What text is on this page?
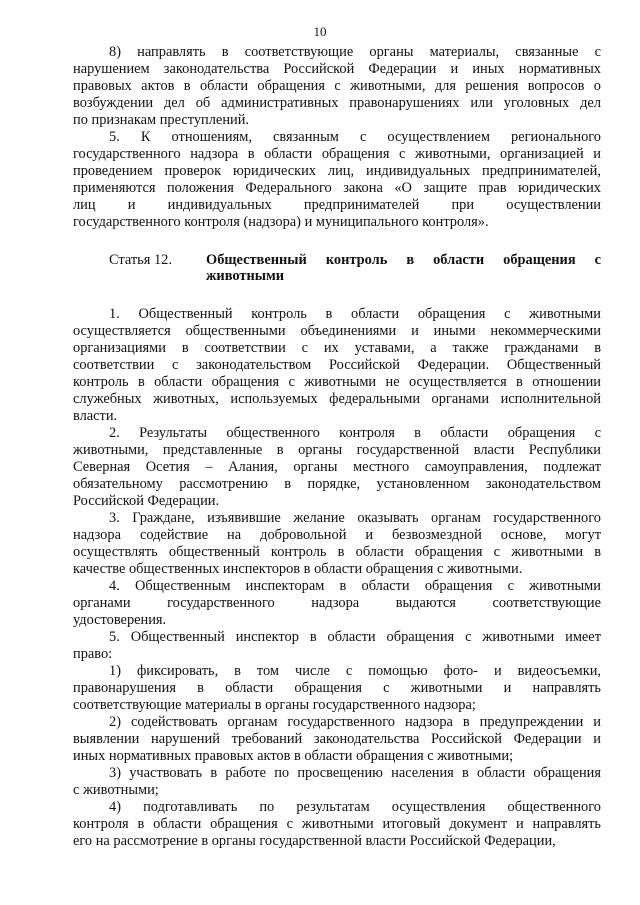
10
8) направлять в соответствующие органы материалы, связанные с
нарушением законодательства Российской Федерации и иных нормативных
правовых актов в области обращения с животными, для решения вопросов о
возбуждении дел об административных правонарушениях или уголовных дел
по признакам преступлений.
5. К отношениям, связанным с осуществлением регионального
государственного надзора в области обращения с животными, организацией и
проведением проверок юридических лиц, индивидуальных предпринимателей,
применяются положения Федерального закона «О защите прав юридических
лиц и индивидуальных предпринимателей при осуществлении
государственного контроля (надзора) и муниципального контроля».
Статья 12. Общественный контроль в области обращения с
животными
1. Общественный контроль в области обращения с животными
осуществляется общественными объединениями и иными некоммерческими
организациями в соответствии с их уставами, а также гражданами в
соответствии с законодательством Российской Федерации. Общественный
контроль в области обращения с животными не осуществляется в отношении
служебных животных, используемых федеральными органами исполнительной
власти.
2. Результаты общественного контроля в области обращения с
животными, представленные в органы государственной власти Республики
Северная Осетия – Алания, органы местного самоуправления, подлежат
обязательному рассмотрению в порядке, установленном законодательством
Российской Федерации.
3. Граждане, изъявившие желание оказывать органам государственного
надзора содействие на добровольной и безвозмездной основе, могут
осуществлять общественный контроль в области обращения с животными в
качестве общественных инспекторов в области обращения с животными.
4. Общественным инспекторам в области обращения с животными
органами государственного надзора выдаются соответствующие
удостоверения.
5. Общественный инспектор в области обращения с животными имеет
право:
1) фиксировать, в том числе с помощью фото- и видеосъемки,
правонарушения в области обращения с животными и направлять
соответствующие материалы в органы государственного надзора;
2) содействовать органам государственного надзора в предупреждении и
выявлении нарушений требований законодательства Российской Федерации и
иных нормативных правовых актов в области обращения с животными;
3) участвовать в работе по просвещению населения в области обращения
с животными;
4) подготавливать по результатам осуществления общественного
контроля в области обращения с животными итоговый документ и направлять
его на рассмотрение в органы государственной власти Российской Федерации,
